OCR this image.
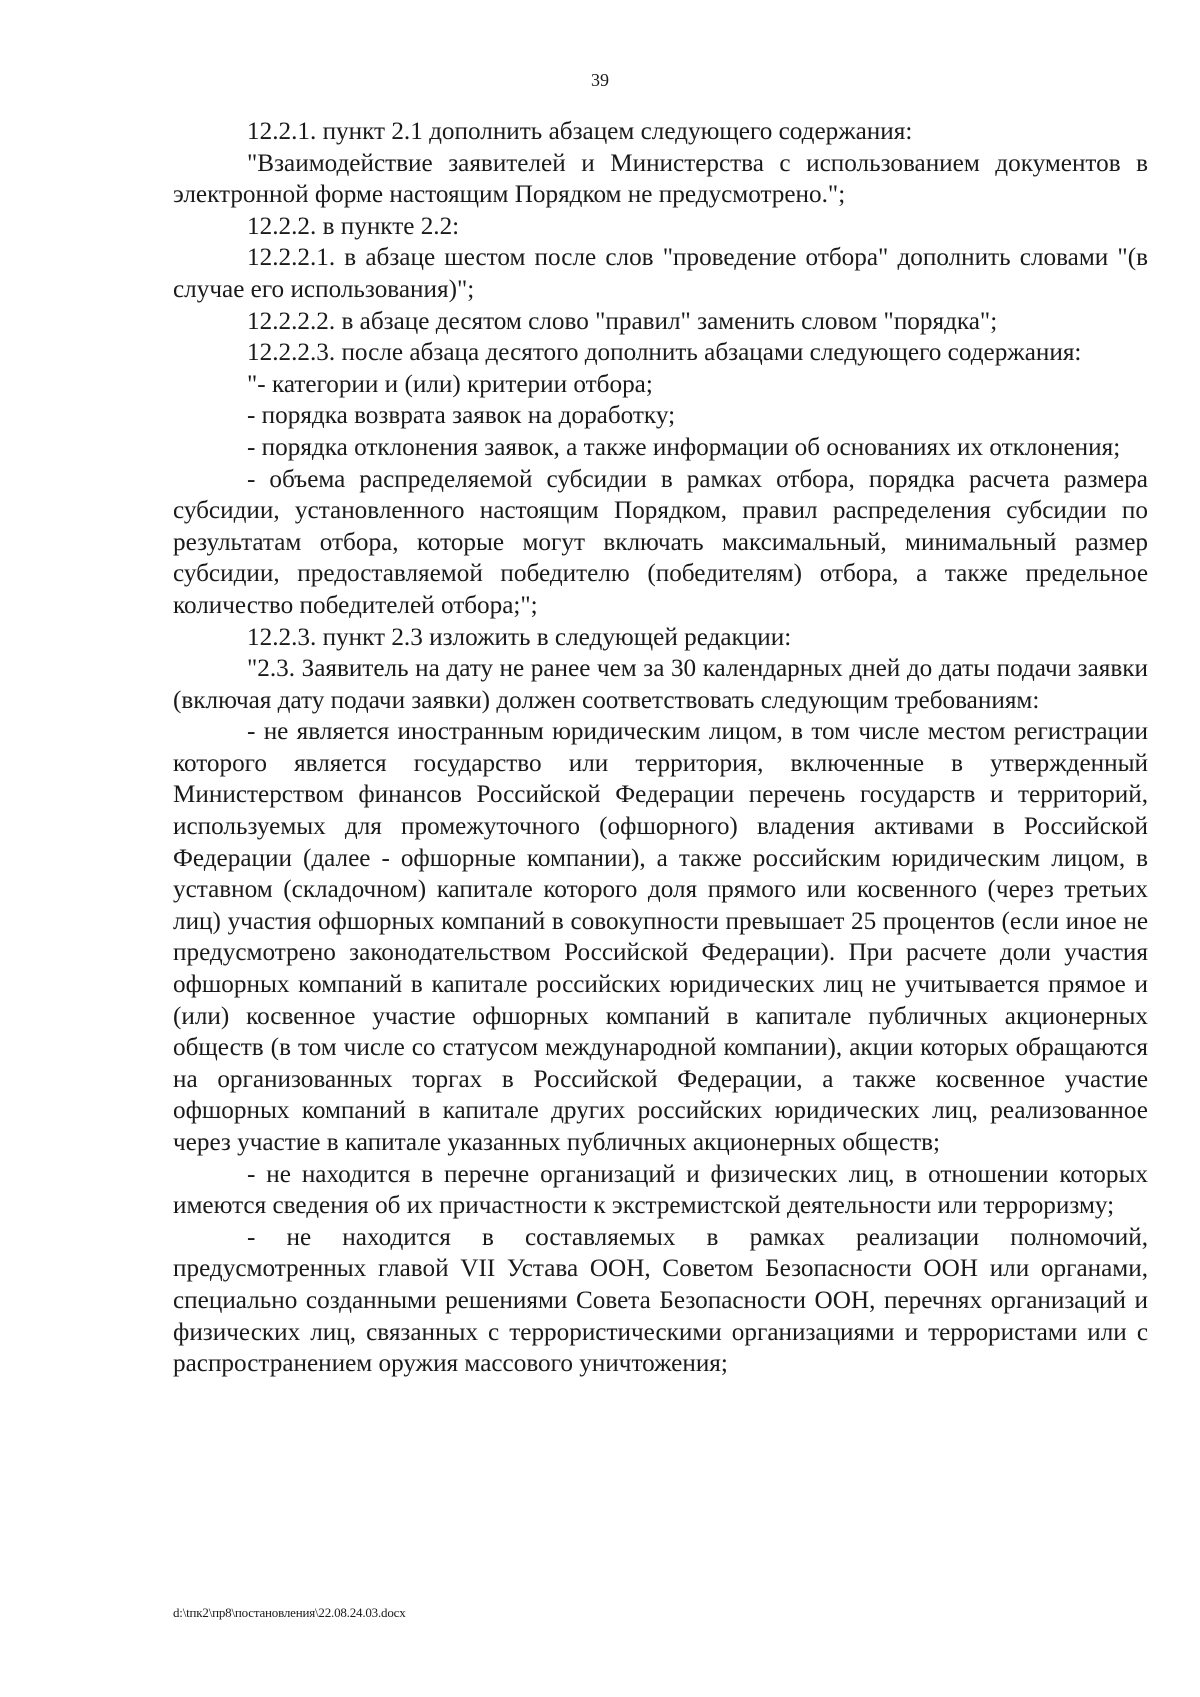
39

12.2.1. пункт 2.1 дополнить абзацем следующего содержания:

"Взаимодействие заявителей и Министерства с использованием документов в электронной форме настоящим Порядком не предусмотрено.";

12.2.2. в пункте 2.2:

12.2.2.1. в абзаце шестом после слов "проведение отбора" дополнить словами "(в случае его использования)";

12.2.2.2. в абзаце десятом слово "правил" заменить словом "порядка";

12.2.2.3. после абзаца десятого дополнить абзацами следующего содержания:

"- категории и (или) критерии отбора;

- порядка возврата заявок на доработку;

- порядка отклонения заявок, а также информации об основаниях их отклонения;

- объема распределяемой субсидии в рамках отбора, порядка расчета размера субсидии, установленного настоящим Порядком, правил распределения субсидии по результатам отбора, которые могут включать максимальный, минимальный размер субсидии, предоставляемой победителю (победителям) отбора, а также предельное количество победителей отбора;";

12.2.3. пункт 2.3 изложить в следующей редакции:

"2.3. Заявитель на дату не ранее чем за 30 календарных дней до даты подачи заявки (включая дату подачи заявки) должен соответствовать следующим требованиям:

- не является иностранным юридическим лицом, в том числе местом регистрации которого является государство или территория, включенные в утвержденный Министерством финансов Российской Федерации перечень государств и территорий, используемых для промежуточного (офшорного) владения активами в Российской Федерации (далее - офшорные компании), а также российским юридическим лицом, в уставном (складочном) капитале которого доля прямого или косвенного (через третьих лиц) участия офшорных компаний в совокупности превышает 25 процентов (если иное не предусмотрено законодательством Российской Федерации). При расчете доли участия офшорных компаний в капитале российских юридических лиц не учитывается прямое и (или) косвенное участие офшорных компаний в капитале публичных акционерных обществ (в том числе со статусом международной компании), акции которых обращаются на организованных торгах в Российской Федерации, а также косвенное участие офшорных компаний в капитале других российских юридических лиц, реализованное через участие в капитале указанных публичных акционерных обществ;

- не находится в перечне организаций и физических лиц, в отношении которых имеются сведения об их причастности к экстремистской деятельности или терроризму;

- не находится в составляемых в рамках реализации полномочий, предусмотренных главой VII Устава ООН, Советом Безопасности ООН или органами, специально созданными решениями Совета Безопасности ООН, перечнях организаций и физических лиц, связанных с террористическими организациями и террористами или с распространением оружия массового уничтожения;

d:\tпк2\пр8\постановления\22.08.24.03.docx
